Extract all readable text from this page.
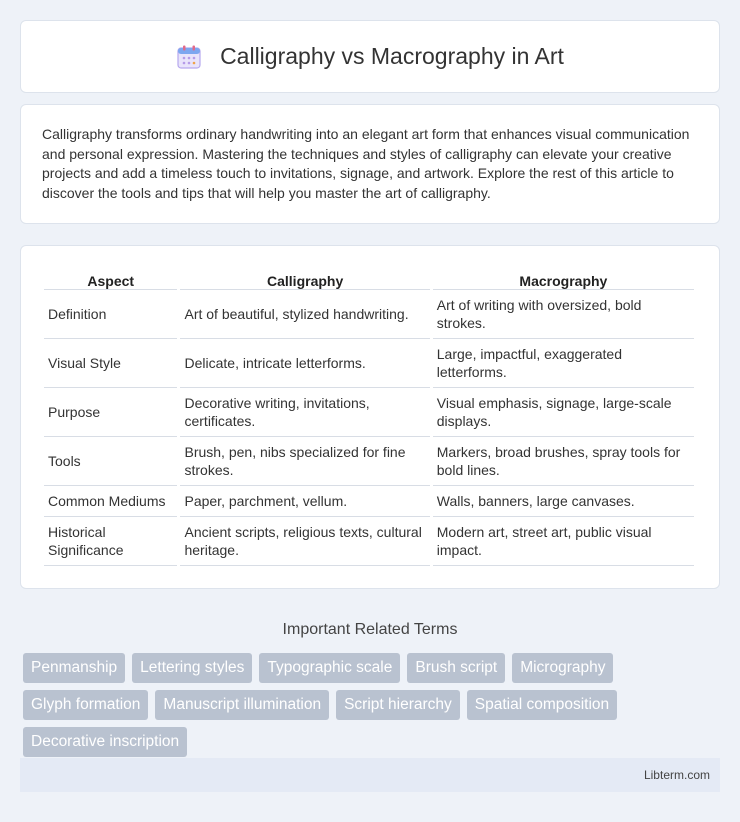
Calligraphy vs Macrography in Art

Calligraphy transforms ordinary handwriting into an elegant art form that enhances visual communication and personal expression. Mastering the techniques and styles of calligraphy can elevate your creative projects and add a timeless touch to invitations, signage, and artwork. Explore the rest of this article to discover the tools and tips that will help you master the art of calligraphy.

Aspect	Calligraphy	Macrography
Definition	Art of beautiful, stylized handwriting.	Art of writing with oversized, bold strokes.
Visual Style	Delicate, intricate letterforms.	Large, impactful, exaggerated letterforms.
Purpose	Decorative writing, invitations, certificates.	Visual emphasis, signage, large-scale displays.
Tools	Brush, pen, nibs specialized for fine strokes.	Markers, broad brushes, spray tools for bold lines.
Common Mediums	Paper, parchment, vellum.	Walls, banners, large canvases.
Historical Significance	Ancient scripts, religious texts, cultural heritage.	Modern art, street art, public visual impact.
Important Related Terms
Penmanship	Lettering styles	Typographic scale	Brush script	Micrography
Glyph formation	Manuscript illumination	Script hierarchy	Spatial composition
Decorative inscription
Libterm.com
